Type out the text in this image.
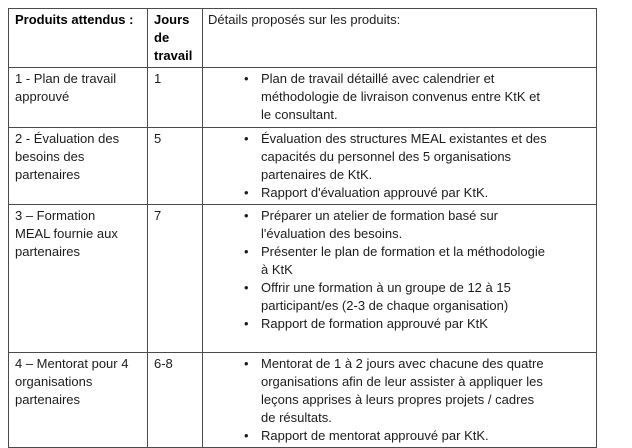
Produits attendus :	Jours de travail	Détails proposés sur les produits:
1 - Plan de travail approuvé	1	• Plan de travail détaillé avec calendrier et méthodologie de livraison convenus entre KtK et le consultant.

2 - Évaluation des besoins des partenaires	5	• Évaluation des structures MEAL existantes et des capacités du personnel des 5 organisations partenaires de KtK.
• Rapport d'évaluation approuvé par KtK.

3 – Formation MEAL fournie aux partenaires	7	• Préparer un atelier de formation basé sur l'évaluation des besoins.
• Présenter le plan de formation et la méthodologie à KtK
• Offrir une formation à un groupe de 12 à 15 participant/es (2-3 de chaque organisation)
• Rapport de formation approuvé par KtK

4 – Mentorat pour 4 organisations partenaires	6-8	• Mentorat de 1 à 2 jours avec chacune des quatre organisations afin de leur assister à appliquer les leçons apprises à leurs propres projets / cadres de résultats.
• Rapport de mentorat approuvé par KtK.
